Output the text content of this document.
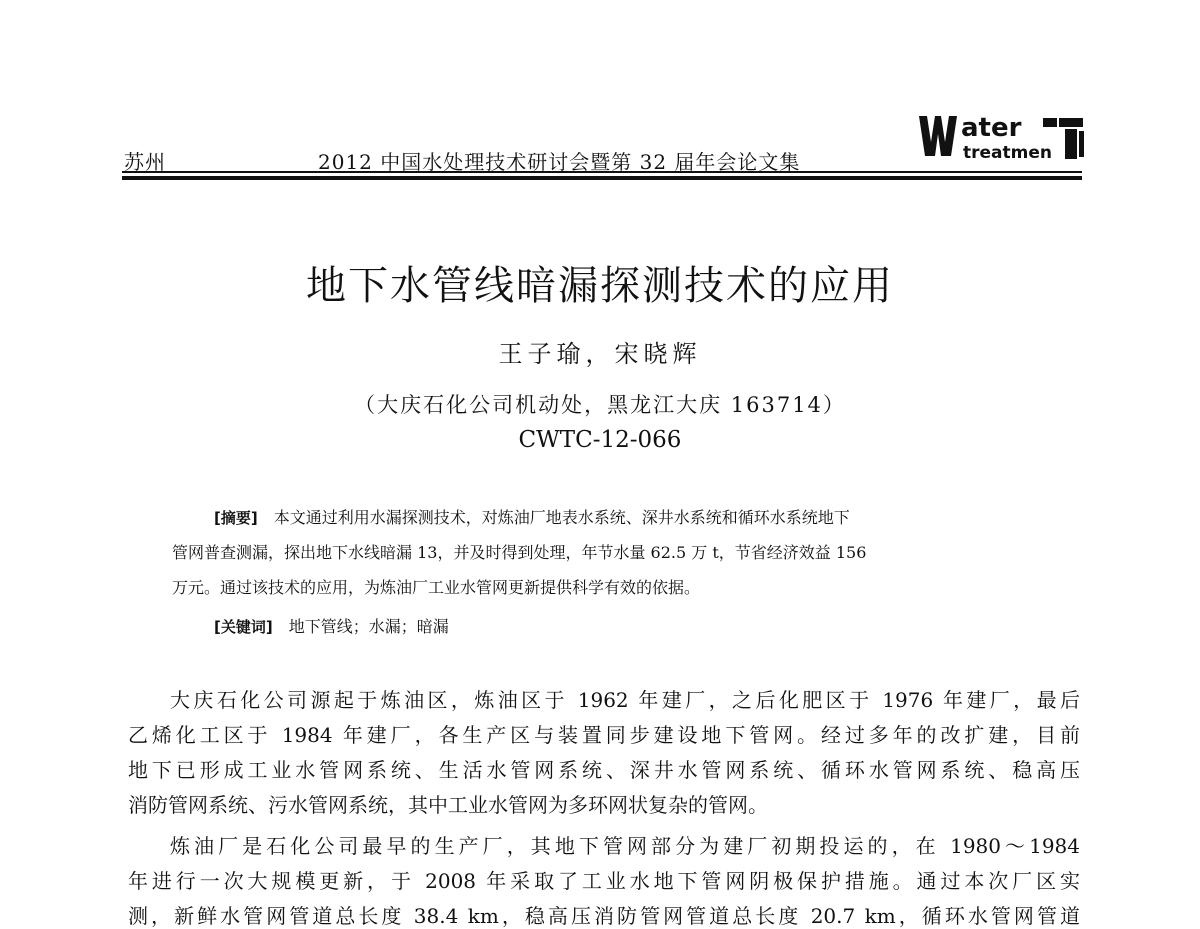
苏州	2012 中国水处理技术研讨会暨第 32 届年会论文集
ater
treatmen
地下水管线暗漏探测技术的应用
王子瑜，宋晓辉
（大庆石化公司机动处，黑龙江大庆 163714）
CWTC-12-066
[摘要] 本文通过利用水漏探测技术，对炼油厂地表水系统、深井水系统和循环水系统地下
管网普查测漏，探出地下水线暗漏 13，并及时得到处理，年节水量 62.5 万 t，节省经济效益 156
万元。通过该技术的应用，为炼油厂工业水管网更新提供科学有效的依据。
[关键词] 地下管线；水漏；暗漏
大庆石化公司源起于炼油区，炼油区于 1962 年建厂，之后化肥区于 1976 年建厂，最后
乙烯化工区于 1984 年建厂，各生产区与装置同步建设地下管网。经过多年的改扩建，目前
地下已形成工业水管网系统、生活水管网系统、深井水管网系统、循环水管网系统、稳高压
消防管网系统、污水管网系统，其中工业水管网为多环网状复杂的管网。
炼油厂是石化公司最早的生产厂，其地下管网部分为建厂初期投运的，在 1980～1984
年进行一次大规模更新，于 2008 年采取了工业水地下管网阴极保护措施。通过本次厂区实
测，新鲜水管网管道总长度 38.4 km，稳高压消防管网管道总长度 20.7 km，循环水管网管道
